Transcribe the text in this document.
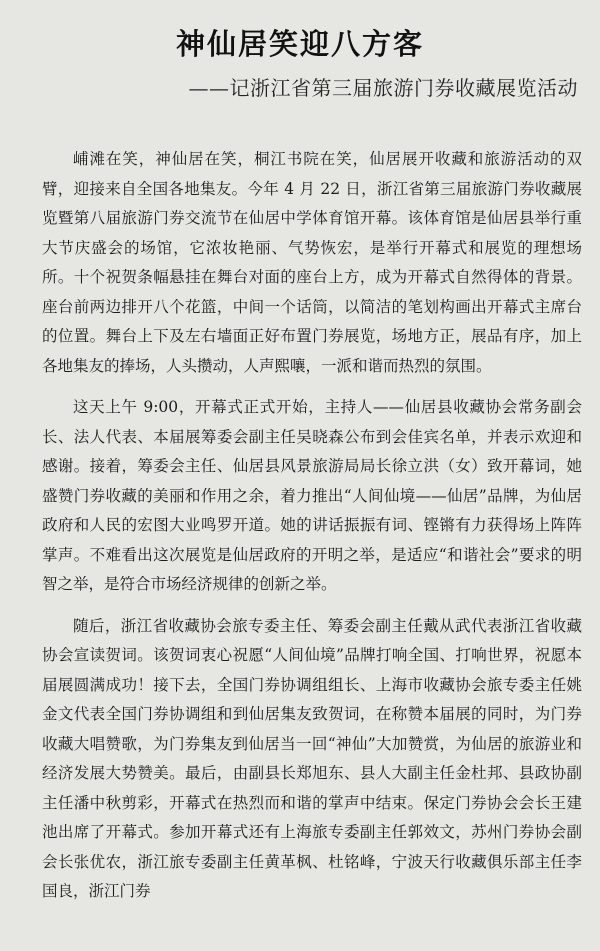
神仙居笑迎八方客
——记浙江省第三届旅游门券收藏展览活动

峬滩在笑，神仙居在笑，桐江书院在笑，仙居展开收藏和旅游活动的双臂，迎接来自全国各地集友。今年 4 月 22 日，浙江省第三届旅游门券收藏展览暨第八届旅游门券交流节在仙居中学体育馆开幕。该体育馆是仙居县举行重大节庆盛会的场馆，它浓妆艳丽、气势恢宏，是举行开幕式和展览的理想场所。十个祝贺条幅悬挂在舞台对面的座台上方，成为开幕式自然得体的背景。座台前两边排开八个花篮，中间一个话筒，以简洁的笔划构画出开幕式主席台的位置。舞台上下及左右墙面正好布置门券展览，场地方正，展品有序，加上各地集友的捧场，人头攒动，人声熙嚷，一派和谐而热烈的氛围。

这天上午 9:00，开幕式正式开始，主持人——仙居县收藏协会常务副会长、法人代表、本届展筹委会副主任吴晓森公布到会佳宾名单，并表示欢迎和感谢。接着，筹委会主任、仙居县风景旅游局局长徐立洪（女）致开幕词，她盛赞门券收藏的美丽和作用之余，着力推出“人间仙境——仙居”品牌，为仙居政府和人民的宏图大业鸣罗开道。她的讲话振振有词、铿锵有力获得场上阵阵掌声。不难看出这次展览是仙居政府的开明之举，是适应“和谐社会”要求的明智之举，是符合市场经济规律的创新之举。

随后，浙江省收藏协会旅专委主任、筹委会副主任戴从武代表浙江省收藏协会宣读贺词。该贺词衷心祝愿“人间仙境”品牌打响全国、打响世界，祝愿本届展圆满成功！接下去，全国门券协调组组长、上海市收藏协会旅专委主任姚金文代表全国门券协调组和到仙居集友致贺词，在称赞本届展的同时，为门券收藏大唱赞歌，为门券集友到仙居当一回“神仙”大加赞赏，为仙居的旅游业和经济发展大势赞美。最后，由副县长郑旭东、县人大副主任金杜邦、县政协副主任潘中秋剪彩，开幕式在热烈而和谐的掌声中结束。保定门券协会会长王建池出席了开幕式。参加开幕式还有上海旅专委副主任郭效文，苏州门券协会副会长张优农，浙江旅专委副主任黄革枫、杜铭峰，宁波天行收藏俱乐部主任李国良，浙江门券
